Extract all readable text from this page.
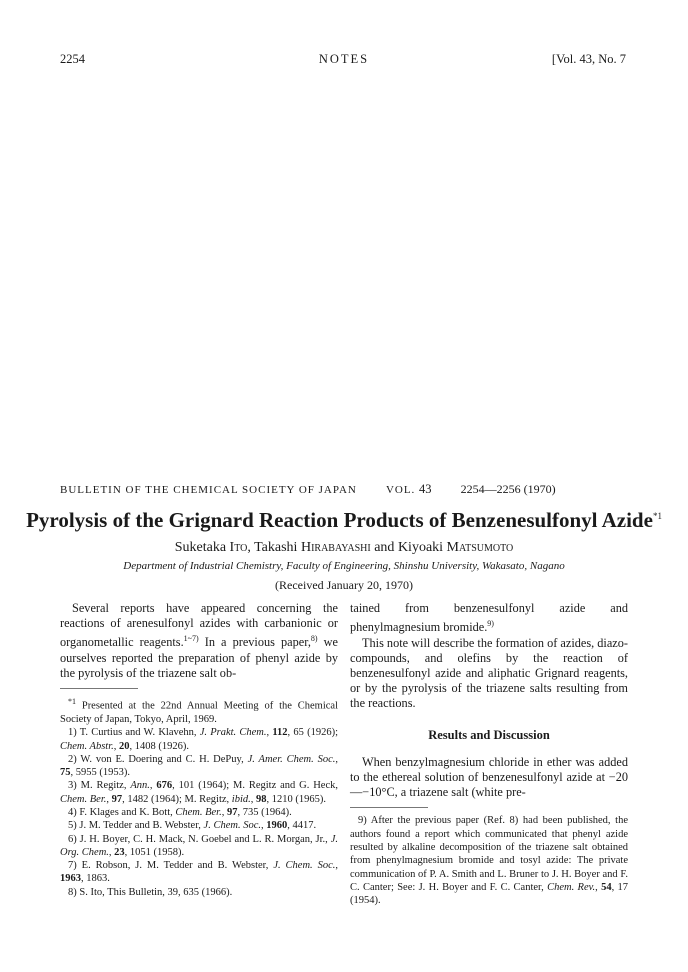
2254	NOTES	[Vol. 43, No. 7
BULLETIN OF THE CHEMICAL SOCIETY OF JAPAN	VOL. 43 2254—2256 (1970)
Pyrolysis of the Grignard Reaction Products of Benzenesulfonyl Azide$^{*1}$
Suketaka Ito, Takashi Hirabayashi and Kiyoaki Matsumoto
Department of Industrial Chemistry, Faculty of Engineering, Shinshu University, Wakasato, Nagano
(Received January 20, 1970)

Several reports have appeared concerning the reactions of arenesulfonyl azides with carbanionic or organometallic reagents.$^{1\sim 7)}$ In a previous paper,$^{8)}$ we ourselves reported the preparation of phenyl azide by the pyrolysis of the triazene salt ob-

$^{*1}$ Presented at the 22nd Annual Meeting of the Chemical Society of Japan, Tokyo, April, 1969.

1) T. Curtius and W. Klavehn, J. Prakt. Chem., 112, 65 (1926); Chem. Abstr., 20, 1408 (1926).

2) W. von E. Doering and C. H. DePuy, J. Amer. Chem. Soc., 75, 5955 (1953).

3) M. Regitz, Ann., 676, 101 (1964); M. Regitz and G. Heck, Chem. Ber., 97, 1482 (1964); M. Regitz, ibid., 98, 1210 (1965).

4) F. Klages and K. Bott, Chem. Ber., 97, 735 (1964).

5) J. M. Tedder and B. Webster, J. Chem. Soc., 1960, 4417.

6) J. H. Boyer, C. H. Mack, N. Goebel and L. R. Morgan, Jr., J. Org. Chem., 23, 1051 (1958).

7) E. Robson, J. M. Tedder and B. Webster, J. Chem. Soc., 1963, 1863.

8) S. Ito, This Bulletin, 39, 635 (1966).

tained from benzenesulfonyl azide and phenylmagnesium bromide.$^{9)}$

This note will describe the formation of azides, diazo-compounds, and olefins by the reaction of benzenesulfonyl azide and aliphatic Grignard reagents, or by the pyrolysis of the triazene salts resulting from the reactions.

Results and Discussion

When benzylmagnesium chloride in ether was added to the ethereal solution of benzenesulfonyl azide at −20—−10°C, a triazene salt (white pre-

9) After the previous paper (Ref. 8) had been published, the authors found a report which communicated that phenyl azide resulted by alkaline decomposition of the triazene salt obtained from phenylmagnesium bromide and tosyl azide: The private communication of P. A. Smith and L. Bruner to J. H. Boyer and F. C. Canter; See: J. H. Boyer and F. C. Canter, Chem. Rev., 54, 17 (1954).
